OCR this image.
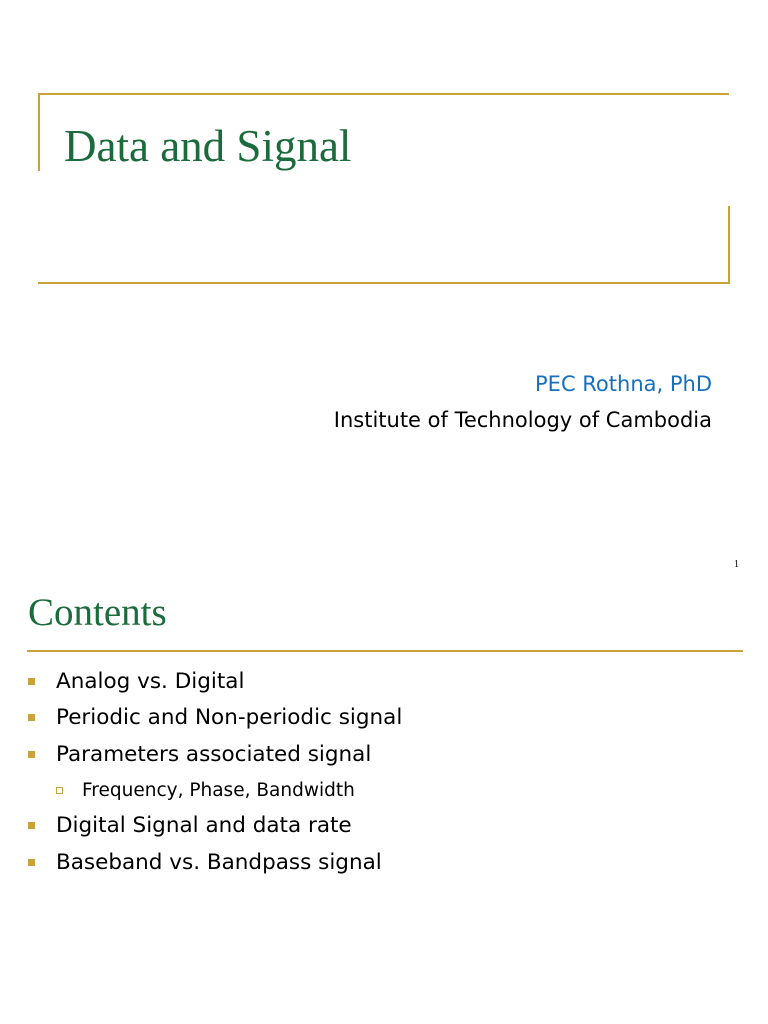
Data and Signal
PEC Rothna, PhD
Institute of Technology of Cambodia
1
Contents
Analog vs. Digital
Periodic and Non-periodic signal
Parameters associated signal
Frequency, Phase, Bandwidth
Digital Signal and data rate
Baseband vs. Bandpass signal
